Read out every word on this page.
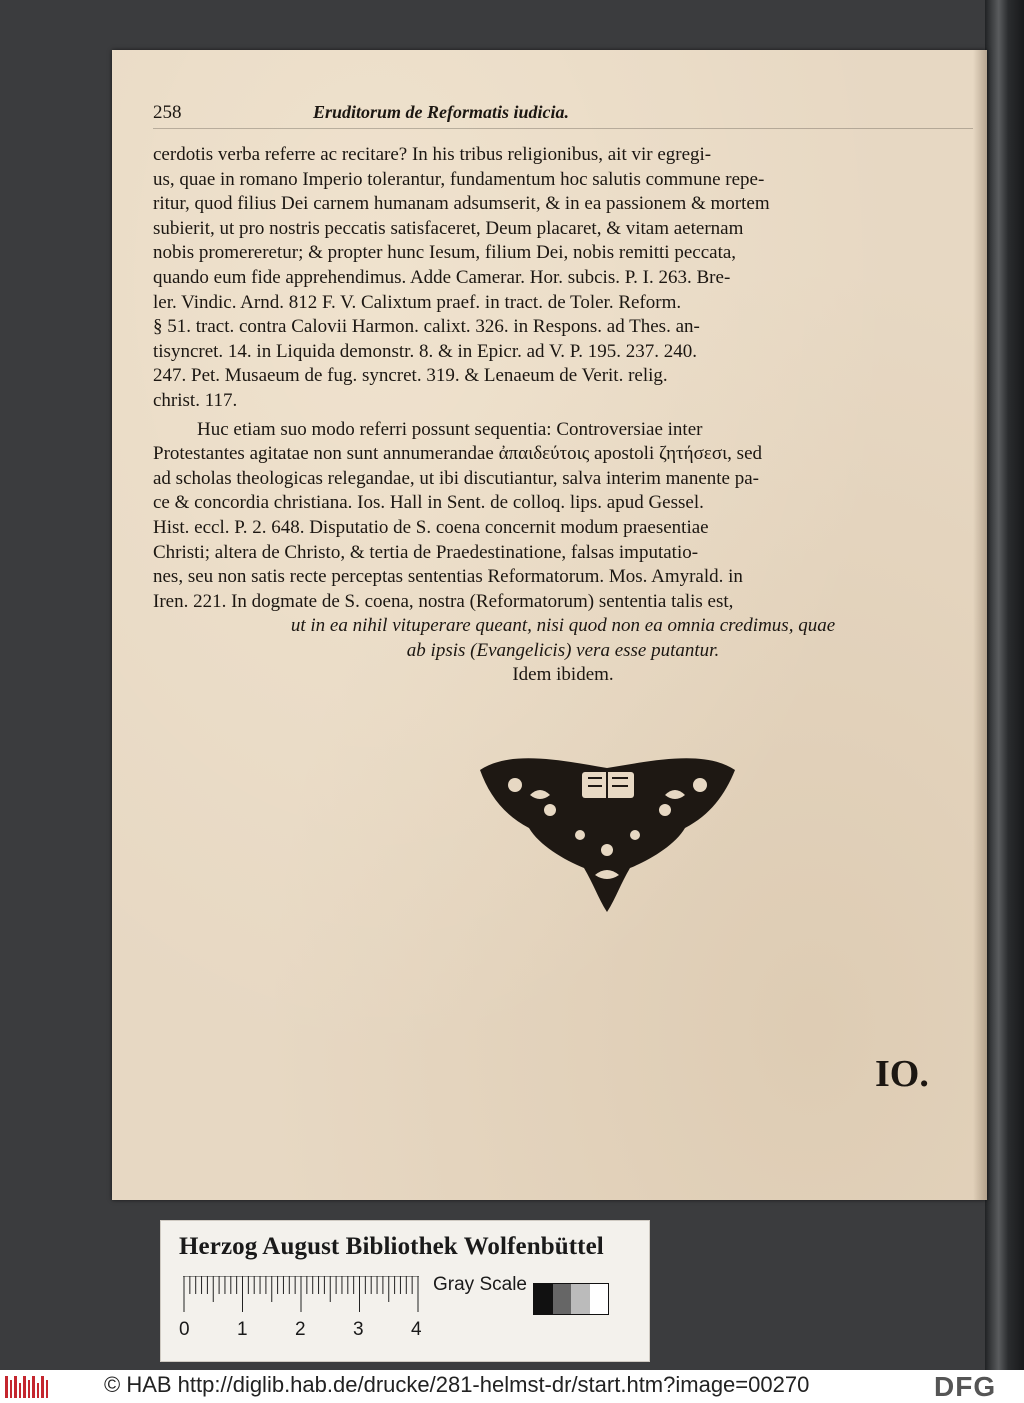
258	Eruditorum de Reformatis iudicia.
cerdotis verba referre ac recitare? In his tribus religionibus, ait vir egregi-
us, quae in romano Imperio tolerantur, fundamentum hoc salutis commune repe-
ritur, quod filius Dei carnem humanam adsumserit, & in ea passionem & mortem
subierit, ut pro nostris peccatis satisfaceret, Deum placaret, & vitam aeternam
nobis promereretur; & propter hunc Iesum, filium Dei, nobis remitti peccata,
quando eum fide apprehendimus. Adde Camerar. Hor. subcis. P. I. 263. Bre-
ler. Vindic. Arnd. 812 F. V. Calixtum praef. in tract. de Toler. Reform.
§ 51. tract. contra Calovii Harmon. calixt. 326. in Respons. ad Thes. an-
tisyncret. 14. in Liquida demonstr. 8. & in Epicr. ad V. P. 195. 237. 240.
247. Pet. Musaeum de fug. syncret. 319. & Lenaeum de Verit. relig.
christ. 117.
Huc etiam suo modo referri possunt sequentia: Controversiae inter
Protestantes agitatae non sunt annumerandae ἀπαιδεύτοις apostoli ζητήσεσι, sed
ad scholas theologicas relegandae, ut ibi discutiantur, salva interim manente pa-
ce & concordia christiana. Ios. Hall in Sent. de colloq. lips. apud Gessel.
Hist. eccl. P. 2. 648. Disputatio de S. coena concernit modum praesentiae
Christi; altera de Christo, & tertia de Praedestinatione, falsas imputatio-
nes, seu non satis recte perceptas sententias Reformatorum. Mos. Amyrald. in
Iren. 221. In dogmate de S. coena, nostra (Reformatorum) sententia talis est,
ut in ea nihil vituperare queant, nisi quod non ea omnia credimus, quae
ab ipsis (Evangelicis) vera esse putantur.
Idem ibidem.
IO.
Herzog August Bibliothek Wolfenbüttel
0 1 2 3 4
Gray Scale
© HAB http://diglib.hab.de/drucke/281-helmst-dr/start.htm?image=00270	DFG
